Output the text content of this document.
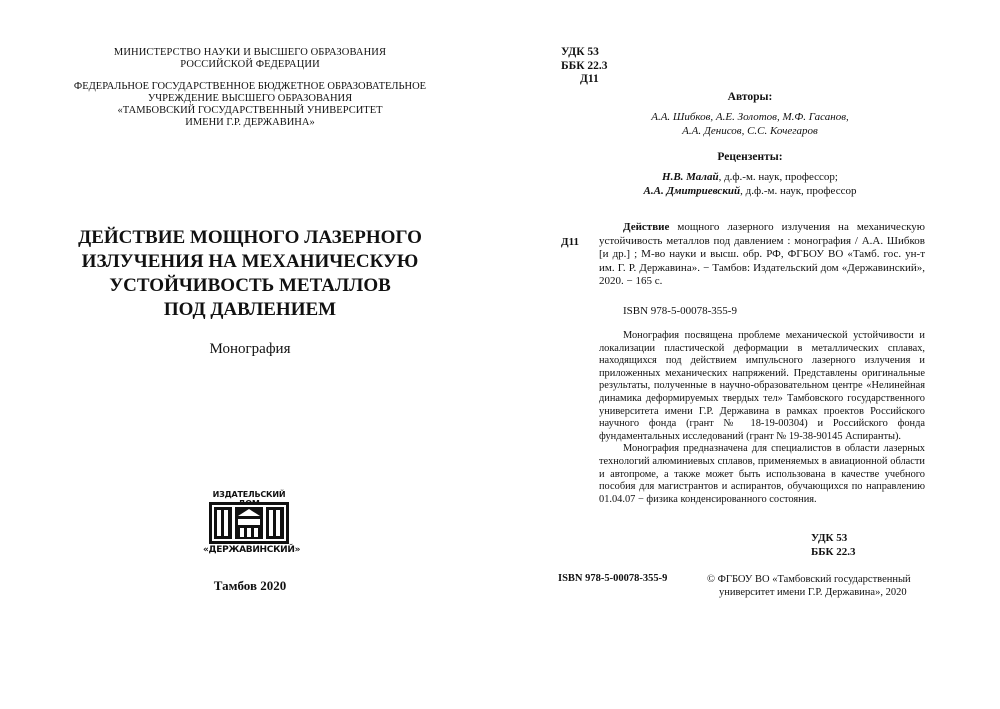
МИНИСТЕРСТВО НАУКИ И ВЫСШЕГО ОБРАЗОВАНИЯ
РОССИЙСКОЙ ФЕДЕРАЦИИ
ФЕДЕРАЛЬНОЕ ГОСУДАРСТВЕННОЕ БЮДЖЕТНОЕ ОБРАЗОВАТЕЛЬНОЕ
УЧРЕЖДЕНИЕ ВЫСШЕГО ОБРАЗОВАНИЯ
«ТАМБОВСКИЙ ГОСУДАРСТВЕННЫЙ УНИВЕРСИТЕТ
ИМЕНИ Г.Р. ДЕРЖАВИНА»
ДЕЙСТВИЕ МОЩНОГО ЛАЗЕРНОГО
ИЗЛУЧЕНИЯ НА МЕХАНИЧЕСКУЮ
УСТОЙЧИВОСТЬ МЕТАЛЛОВ
ПОД ДАВЛЕНИЕМ
Монография
ИЗДАТЕЛЬСКИЙ
«ДЕРЖАВИНСКИЙ»
Тамбов 2020
УДК 53
ББК 22.3
Д11
Авторы:
А.А. Шибков, А.Е. Золотов, М.Ф. Гасанов,
А.А. Денисов, С.С. Кочегаров
Рецензенты:
Н.В. Малай, д.ф.-м. наук, профессор;
А.А. Дмитриевский, д.ф.-м. наук, профессор
Д11
Действие мощного лазерного излучения на механическую устойчивость металлов под давлением : монография / А.А. Шибков [и др.] ; М-во науки и высш. обр. РФ, ФГБОУ ВО «Тамб. гос. ун-т им. Г. Р. Державина». − Тамбов: Издательский дом «Державинский», 2020. − 165 с.
ISBN 978-5-00078-355-9

Монография посвящена проблеме механической устойчивости и локализации пластической деформации в металлических сплавах, находящихся под действием импульсного лазерного излучения и приложенных механических напряжений. Представлены оригинальные результаты, полученные в научно-образовательном центре «Нелинейная динамика деформируемых твердых тел» Тамбовского государственного университета имени Г.Р. Державина в рамках проектов Российского научного фонда (грант № 18-19-00304) и Российского фонда фундаментальных исследований (грант № 19-38-90145 Аспиранты).

Монография предназначена для специалистов в области лазерных технологий алюминиевых сплавов, применяемых в авиационной области и автопроме, а также может быть использована в качестве учебного пособия для магистрантов и аспирантов, обучающихся по направлению 01.04.07 − физика конденсированного состояния.

УДК 53
ББК 22.3
ISBN 978-5-00078-355-9	© ФГБОУ ВО «Тамбовский государственный
университет имени Г.Р. Державина», 2020
